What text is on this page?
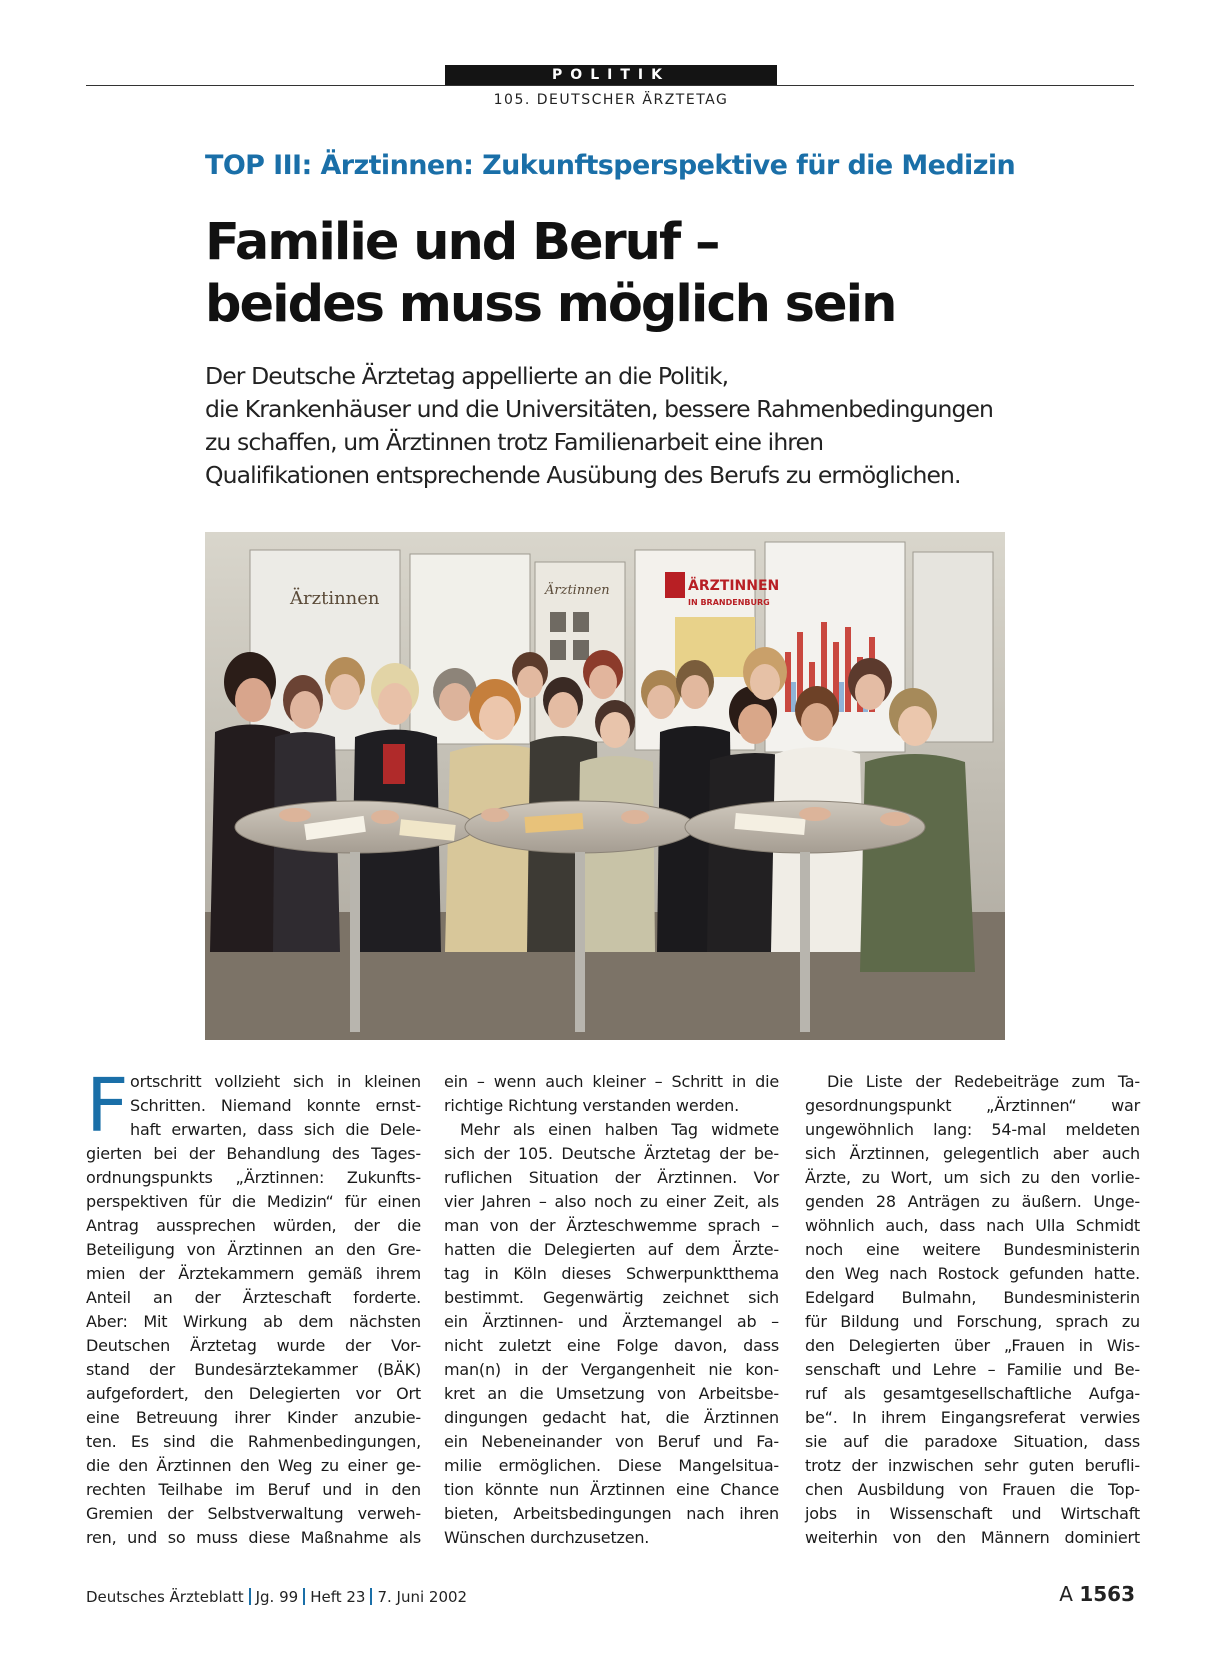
POLITIK
105. DEUTSCHER ÄRZTETAG
TOP III: Ärztinnen: Zukunftsperspektive für die Medizin
Familie und Beruf –
beides muss möglich sein
Der Deutsche Ärztetag appellierte an die Politik,
die Krankenhäuser und die Universitäten, bessere Rahmenbedingungen
zu schaffen, um Ärztinnen trotz Familienarbeit eine ihren
Qualifikationen entsprechende Ausübung des Berufs zu ermöglichen.
Ärztinnen	Ärztinnen	ÄRZTINNEN
IN BRANDENBURG
F ortschritt vollzieht sich in kleinen
Schritten. Niemand konnte ernst-
haft erwarten, dass sich die Dele-
gierten bei der Behandlung des Tages-
ordnungspunkts „Ärztinnen: Zukunfts-
perspektiven für die Medizin“ für einen
Antrag aussprechen würden, der die
Beteiligung von Ärztinnen an den Gre-
mien der Ärztekammern gemäß ihrem
Anteil an der Ärzteschaft forderte.
Aber: Mit Wirkung ab dem nächsten
Deutschen Ärztetag wurde der Vor-
stand der Bundesärztekammer (BÄK)
aufgefordert, den Delegierten vor Ort
eine Betreuung ihrer Kinder anzubie-
ten. Es sind die Rahmenbedingungen,
die den Ärztinnen den Weg zu einer ge-
rechten Teilhabe im Beruf und in den
Gremien der Selbstverwaltung verweh-
ren, und so muss diese Maßnahme als
ein – wenn auch kleiner – Schritt in die
richtige Richtung verstanden werden.
Mehr als einen halben Tag widmete
sich der 105. Deutsche Ärztetag der be-
ruflichen Situation der Ärztinnen. Vor
vier Jahren – also noch zu einer Zeit, als
man von der Ärzteschwemme sprach –
hatten die Delegierten auf dem Ärzte-
tag in Köln dieses Schwerpunktthema
bestimmt. Gegenwärtig zeichnet sich
ein Ärztinnen- und Ärztemangel ab –
nicht zuletzt eine Folge davon, dass
man(n) in der Vergangenheit nie kon-
kret an die Umsetzung von Arbeitsbe-
dingungen gedacht hat, die Ärztinnen
ein Nebeneinander von Beruf und Fa-
milie ermöglichen. Diese Mangelsitua-
tion könnte nun Ärztinnen eine Chance
bieten, Arbeitsbedingungen nach ihren
Wünschen durchzusetzen.
Die Liste der Redebeiträge zum Ta-
gesordnungspunkt „Ärztinnen“ war
ungewöhnlich lang: 54-mal meldeten
sich Ärztinnen, gelegentlich aber auch
Ärzte, zu Wort, um sich zu den vorlie-
genden 28 Anträgen zu äußern. Unge-
wöhnlich auch, dass nach Ulla Schmidt
noch eine weitere Bundesministerin
den Weg nach Rostock gefunden hatte.
Edelgard Bulmahn, Bundesministerin
für Bildung und Forschung, sprach zu
den Delegierten über „Frauen in Wis-
senschaft und Lehre – Familie und Be-
ruf als gesamtgesellschaftliche Aufga-
be“. In ihrem Eingangsreferat verwies
sie auf die paradoxe Situation, dass
trotz der inzwischen sehr guten berufli-
chen Ausbildung von Frauen die Top-
jobs in Wissenschaft und Wirtschaft
weiterhin von den Männern dominiert
Deutsches Ärzteblatt Jg. 99 Heft 23 7. Juni 2002	A 1563
